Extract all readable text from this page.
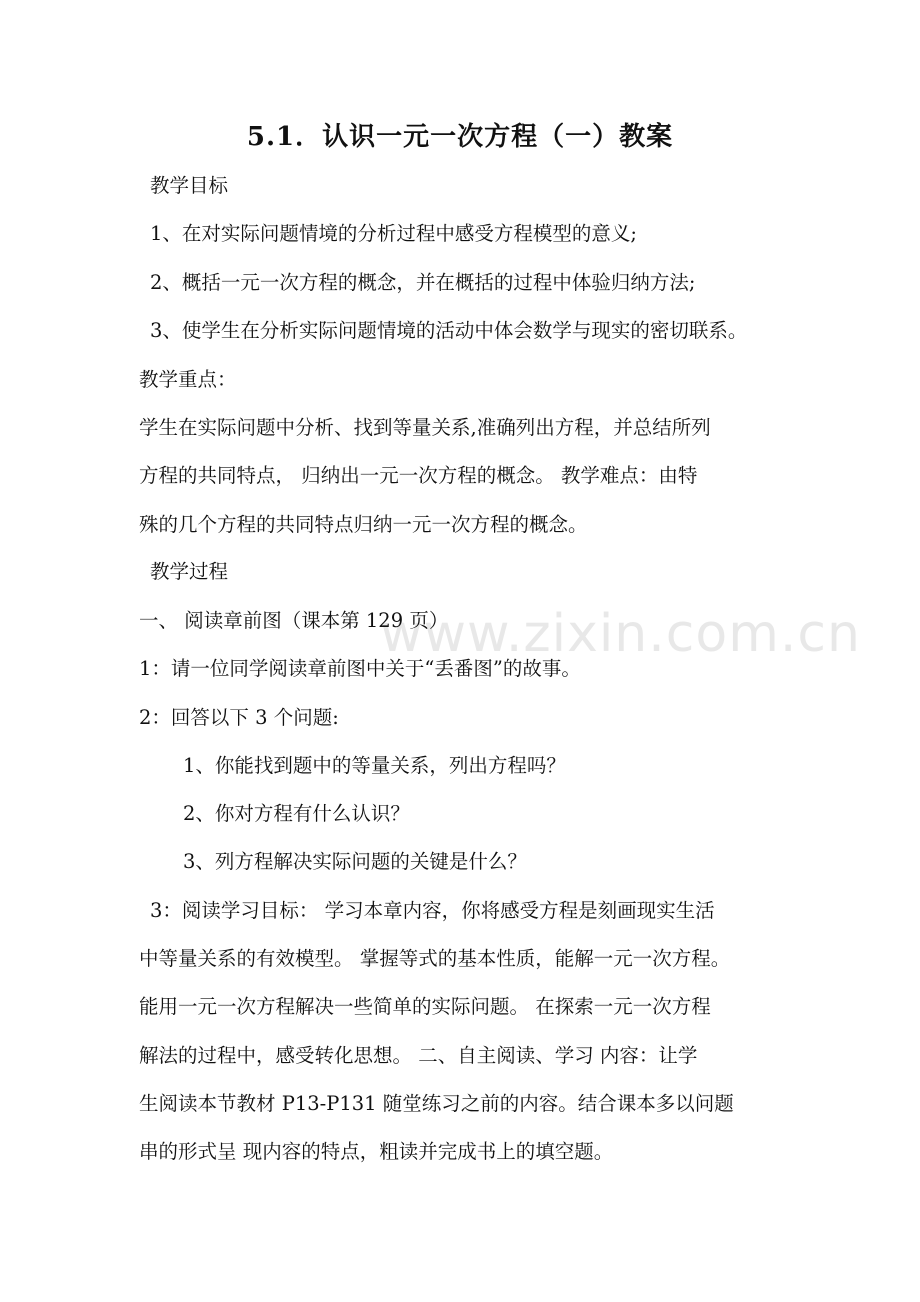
www.zixin.com.cn
5.1．认识一元一次方程（一）教案
教学目标
1、在对实际问题情境的分析过程中感受方程模型的意义;
2、概括一元一次方程的概念，并在概括的过程中体验归纳方法;
3、使学生在分析实际问题情境的活动中体会数学与现实的密切联系。
教学重点：
学生在实际问题中分析、找到等量关系,准确列出方程，并总结所列
方程的共同特点， 归纳出一元一次方程的概念。 教学难点：由特
殊的几个方程的共同特点归纳一元一次方程的概念。
教学过程
一、 阅读章前图（课本第 129 页）
1：请一位同学阅读章前图中关于“丢番图”的故事。
2：回答以下 3 个问题:
1、你能找到题中的等量关系，列出方程吗？
2、你对方程有什么认识？
3、列方程解决实际问题的关键是什么？
3：阅读学习目标： 学习本章内容，你将感受方程是刻画现实生活
中等量关系的有效模型。 掌握等式的基本性质，能解一元一次方程。
能用一元一次方程解决一些简单的实际问题。 在探索一元一次方程
解法的过程中，感受转化思想。 二、自主阅读、学习 内容：让学
生阅读本节教材 P13-P131 随堂练习之前的内容。结合课本多以问题
串的形式呈 现内容的特点，粗读并完成书上的填空题。
